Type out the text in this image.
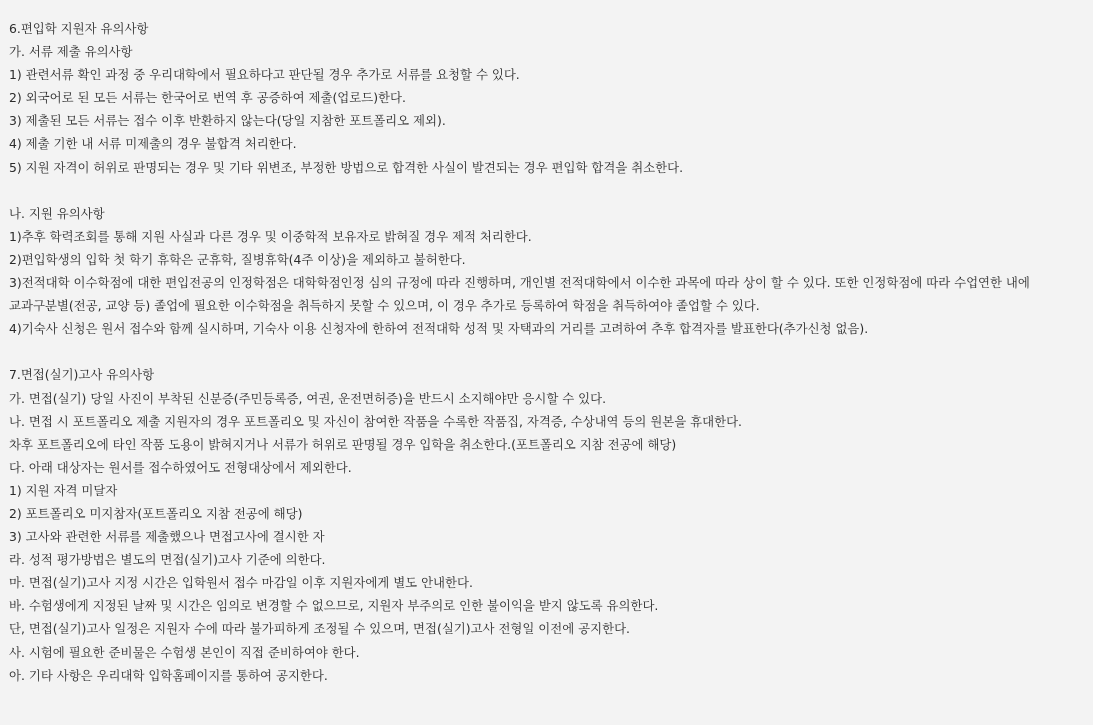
6.편입학 지원자 유의사항
가. 서류 제출 유의사항
1) 관련서류 확인 과정 중 우리대학에서 필요하다고 판단될 경우 추가로 서류를 요청할 수 있다.
2) 외국어로 된 모든 서류는 한국어로 번역 후 공증하여 제출(업로드)한다.
3) 제출된 모든 서류는 접수 이후 반환하지 않는다(당일 지참한 포트폴리오 제외).
4) 제출 기한 내 서류 미제출의 경우 불합격 처리한다.
5) 지원 자격이 허위로 판명되는 경우 및 기타 위변조, 부정한 방법으로 합격한 사실이 발견되는 경우 편입학 합격을 취소한다.
나. 지원 유의사항
1)추후 학력조회를 통해 지원 사실과 다른 경우 및 이중학적 보유자로 밝혀질 경우 제적 처리한다.
2)편입학생의 입학 첫 학기 휴학은 군휴학, 질병휴학(4주 이상)을 제외하고 불허한다.
3)전적대학 이수학점에 대한 편입전공의 인정학점은 대학학점인정 심의 규정에 따라 진행하며, 개인별 전적대학에서 이수한 과목에 따라 상이 할 수 있다. 또한 인정학점에 따라 수업연한 내에
교과구분별(전공, 교양 등) 졸업에 필요한 이수학점을 취득하지 못할 수 있으며, 이 경우 추가로 등록하여 학점을 취득하여야 졸업할 수 있다.
4)기숙사 신청은 원서 접수와 함께 실시하며, 기숙사 이용 신청자에 한하여 전적대학 성적 및 자택과의 거리를 고려하여 추후 합격자를 발표한다(추가신청 없음).
7.면접(실기)고사 유의사항
가. 면접(실기) 당일 사진이 부착된 신분증(주민등록증, 여권, 운전면허증)을 반드시 소지해야만 응시할 수 있다.
나. 면접 시 포트폴리오 제출 지원자의 경우 포트폴리오 및 자신이 참여한 작품을 수록한 작품집, 자격증, 수상내역 등의 원본을 휴대한다.
차후 포트폴리오에 타인 작품 도용이 밝혀지거나 서류가 허위로 판명될 경우 입학을 취소한다.(포트폴리오 지참 전공에 해당)
다. 아래 대상자는 원서를 접수하였어도 전형대상에서 제외한다.
1) 지원 자격 미달자
2) 포트폴리오 미지참자(포트폴리오 지참 전공에 해당)
3) 고사와 관련한 서류를 제출했으나 면접고사에 결시한 자
라. 성적 평가방법은 별도의 면접(실기)고사 기준에 의한다.
마. 면접(실기)고사 지정 시간은 입학원서 접수 마감일 이후 지원자에게 별도 안내한다.
바. 수험생에게 지정된 날짜 및 시간은 임의로 변경할 수 없으므로, 지원자 부주의로 인한 불이익을 받지 않도록 유의한다.
단, 면접(실기)고사 일정은 지원자 수에 따라 불가피하게 조정될 수 있으며, 면접(실기)고사 전형일 이전에 공지한다.
사. 시험에 필요한 준비물은 수험생 본인이 직접 준비하여야 한다.
아. 기타 사항은 우리대학 입학홈페이지를 통하여 공지한다.
